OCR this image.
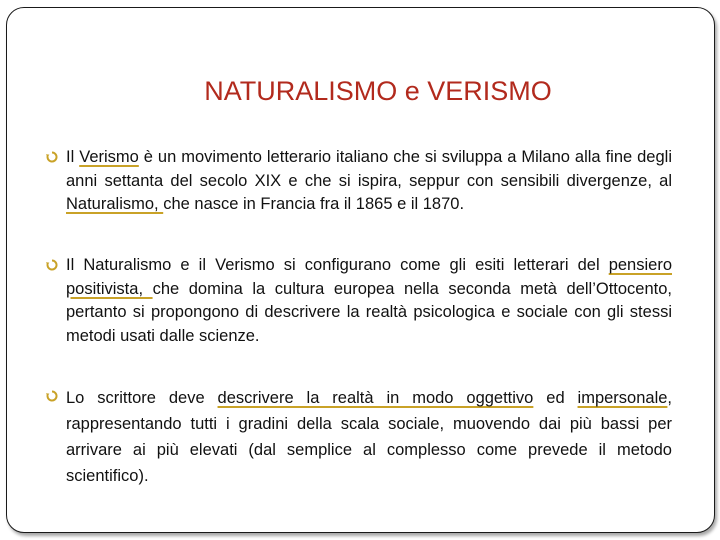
NATURALISMO e VERISMO
Il Verismo è un movimento letterario italiano che si sviluppa a Milano alla fine degli anni settanta del secolo XIX e che si ispira, seppur con sensibili divergenze, al Naturalismo, che nasce in Francia fra il 1865 e il 1870.
Il Naturalismo e il Verismo si configurano come gli esiti letterari del pensiero positivista, che domina la cultura europea nella seconda metà dell’Ottocento, pertanto si propongono di descrivere la realtà psicologica e sociale con gli stessi metodi usati dalle scienze.
Lo scrittore deve descrivere la realtà in modo oggettivo ed impersonale, rappresentando tutti i gradini della scala sociale, muovendo dai più bassi per arrivare ai più elevati (dal semplice al complesso come prevede il metodo scientifico).
